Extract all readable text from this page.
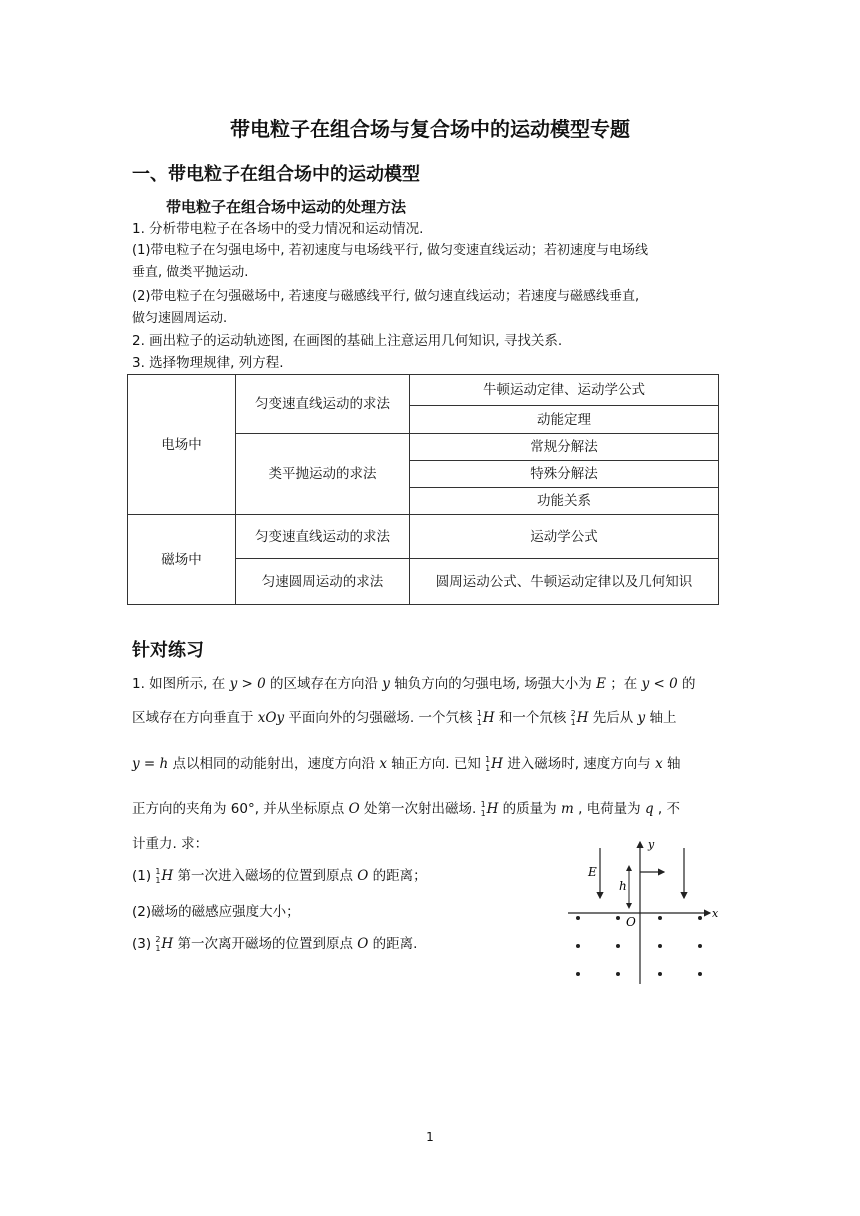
带电粒子在组合场与复合场中的运动模型专题
一、带电粒子在组合场中的运动模型
带电粒子在组合场中运动的处理方法
1. 分析带电粒子在各场中的受力情况和运动情况.
(1)带电粒子在匀强电场中, 若初速度与电场线平行, 做匀变速直线运动；若初速度与电场线
垂直, 做类平抛运动.
(2)带电粒子在匀强磁场中, 若速度与磁感线平行, 做匀速直线运动；若速度与磁感线垂直,
做匀速圆周运动.
2. 画出粒子的运动轨迹图, 在画图的基础上注意运用几何知识, 寻找关系.
3. 选择物理规律, 列方程.
电场中	匀变速直线运动的求法	牛顿运动定律、运动学公式
		动能定理
	类平抛运动的求法	常规分解法
		特殊分解法
		功能关系
磁场中	匀变速直线运动的求法	运动学公式
	匀速圆周运动的求法	圆周运动公式、牛顿运动定律以及几何知识
针对练习
1. 如图所示, 在 y > 0 的区域存在方向沿 y 轴负方向的匀强电场, 场强大小为 E ；在 y < 0 的
区域存在方向垂直于 xOy 平面向外的匀强磁场. 一个氕核 1
1 H 和一个氘核 2
1 H 先后从 y 轴上
y = h 点以相同的动能射出，速度方向沿 x 轴正方向. 已知 1
1 H 进入磁场时, 速度方向与 x 轴
正方向的夹角为 60°, 并从坐标原点 O 处第一次射出磁场. 1
1 H 的质量为 m , 电荷量为 q , 不
计重力. 求：
(1) 1
1 H 第一次进入磁场的位置到原点 O 的距离；
(2)磁场的磁感应强度大小；
(3) 2
1 H 第一次离开磁场的位置到原点 O 的距离.
E
h
O
x
y
1
